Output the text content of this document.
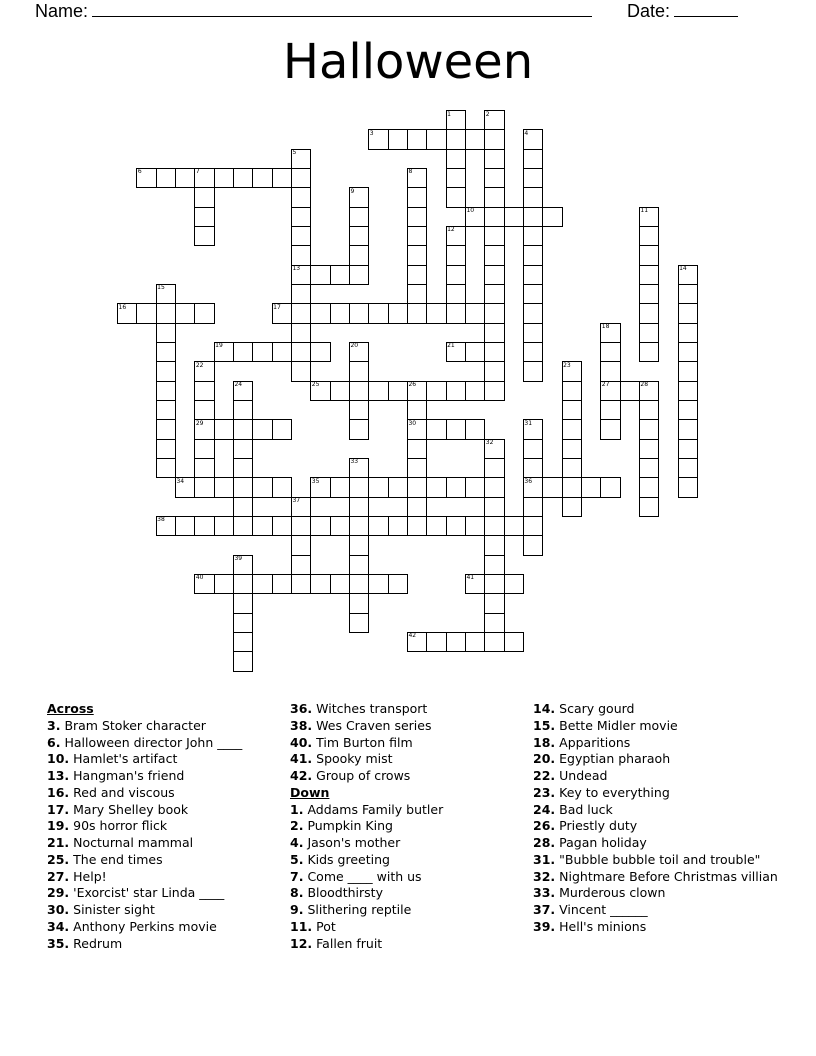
Name:	Date:
Halloween
1	2
3	4
5
6	7	8
9
10	11
12
13	14
15
16	17
18
19	20	21
22	23
24	25	26	27	28
29	30	31
32
33
34	35	36
37
38
39
40	41
42
Across
3. Bram Stoker character
6. Halloween director John ____
10. Hamlet's artifact
13. Hangman's friend
16. Red and viscous
17. Mary Shelley book
19. 90s horror flick
21. Nocturnal mammal
25. The end times
27. Help!
29. 'Exorcist' star Linda ____
30. Sinister sight
34. Anthony Perkins movie
35. Redrum
36. Witches transport
38. Wes Craven series
40. Tim Burton film
41. Spooky mist
42. Group of crows
Down
1. Addams Family butler
2. Pumpkin King
4. Jason's mother
5. Kids greeting
7. Come ____ with us
8. Bloodthirsty
9. Slithering reptile
11. Pot
12. Fallen fruit
14. Scary gourd
15. Bette Midler movie
18. Apparitions
20. Egyptian pharaoh
22. Undead
23. Key to everything
24. Bad luck
26. Priestly duty
28. Pagan holiday
31. "Bubble bubble toil and trouble"
32. Nightmare Before Christmas villian
33. Murderous clown
37. Vincent ______
39. Hell's minions
